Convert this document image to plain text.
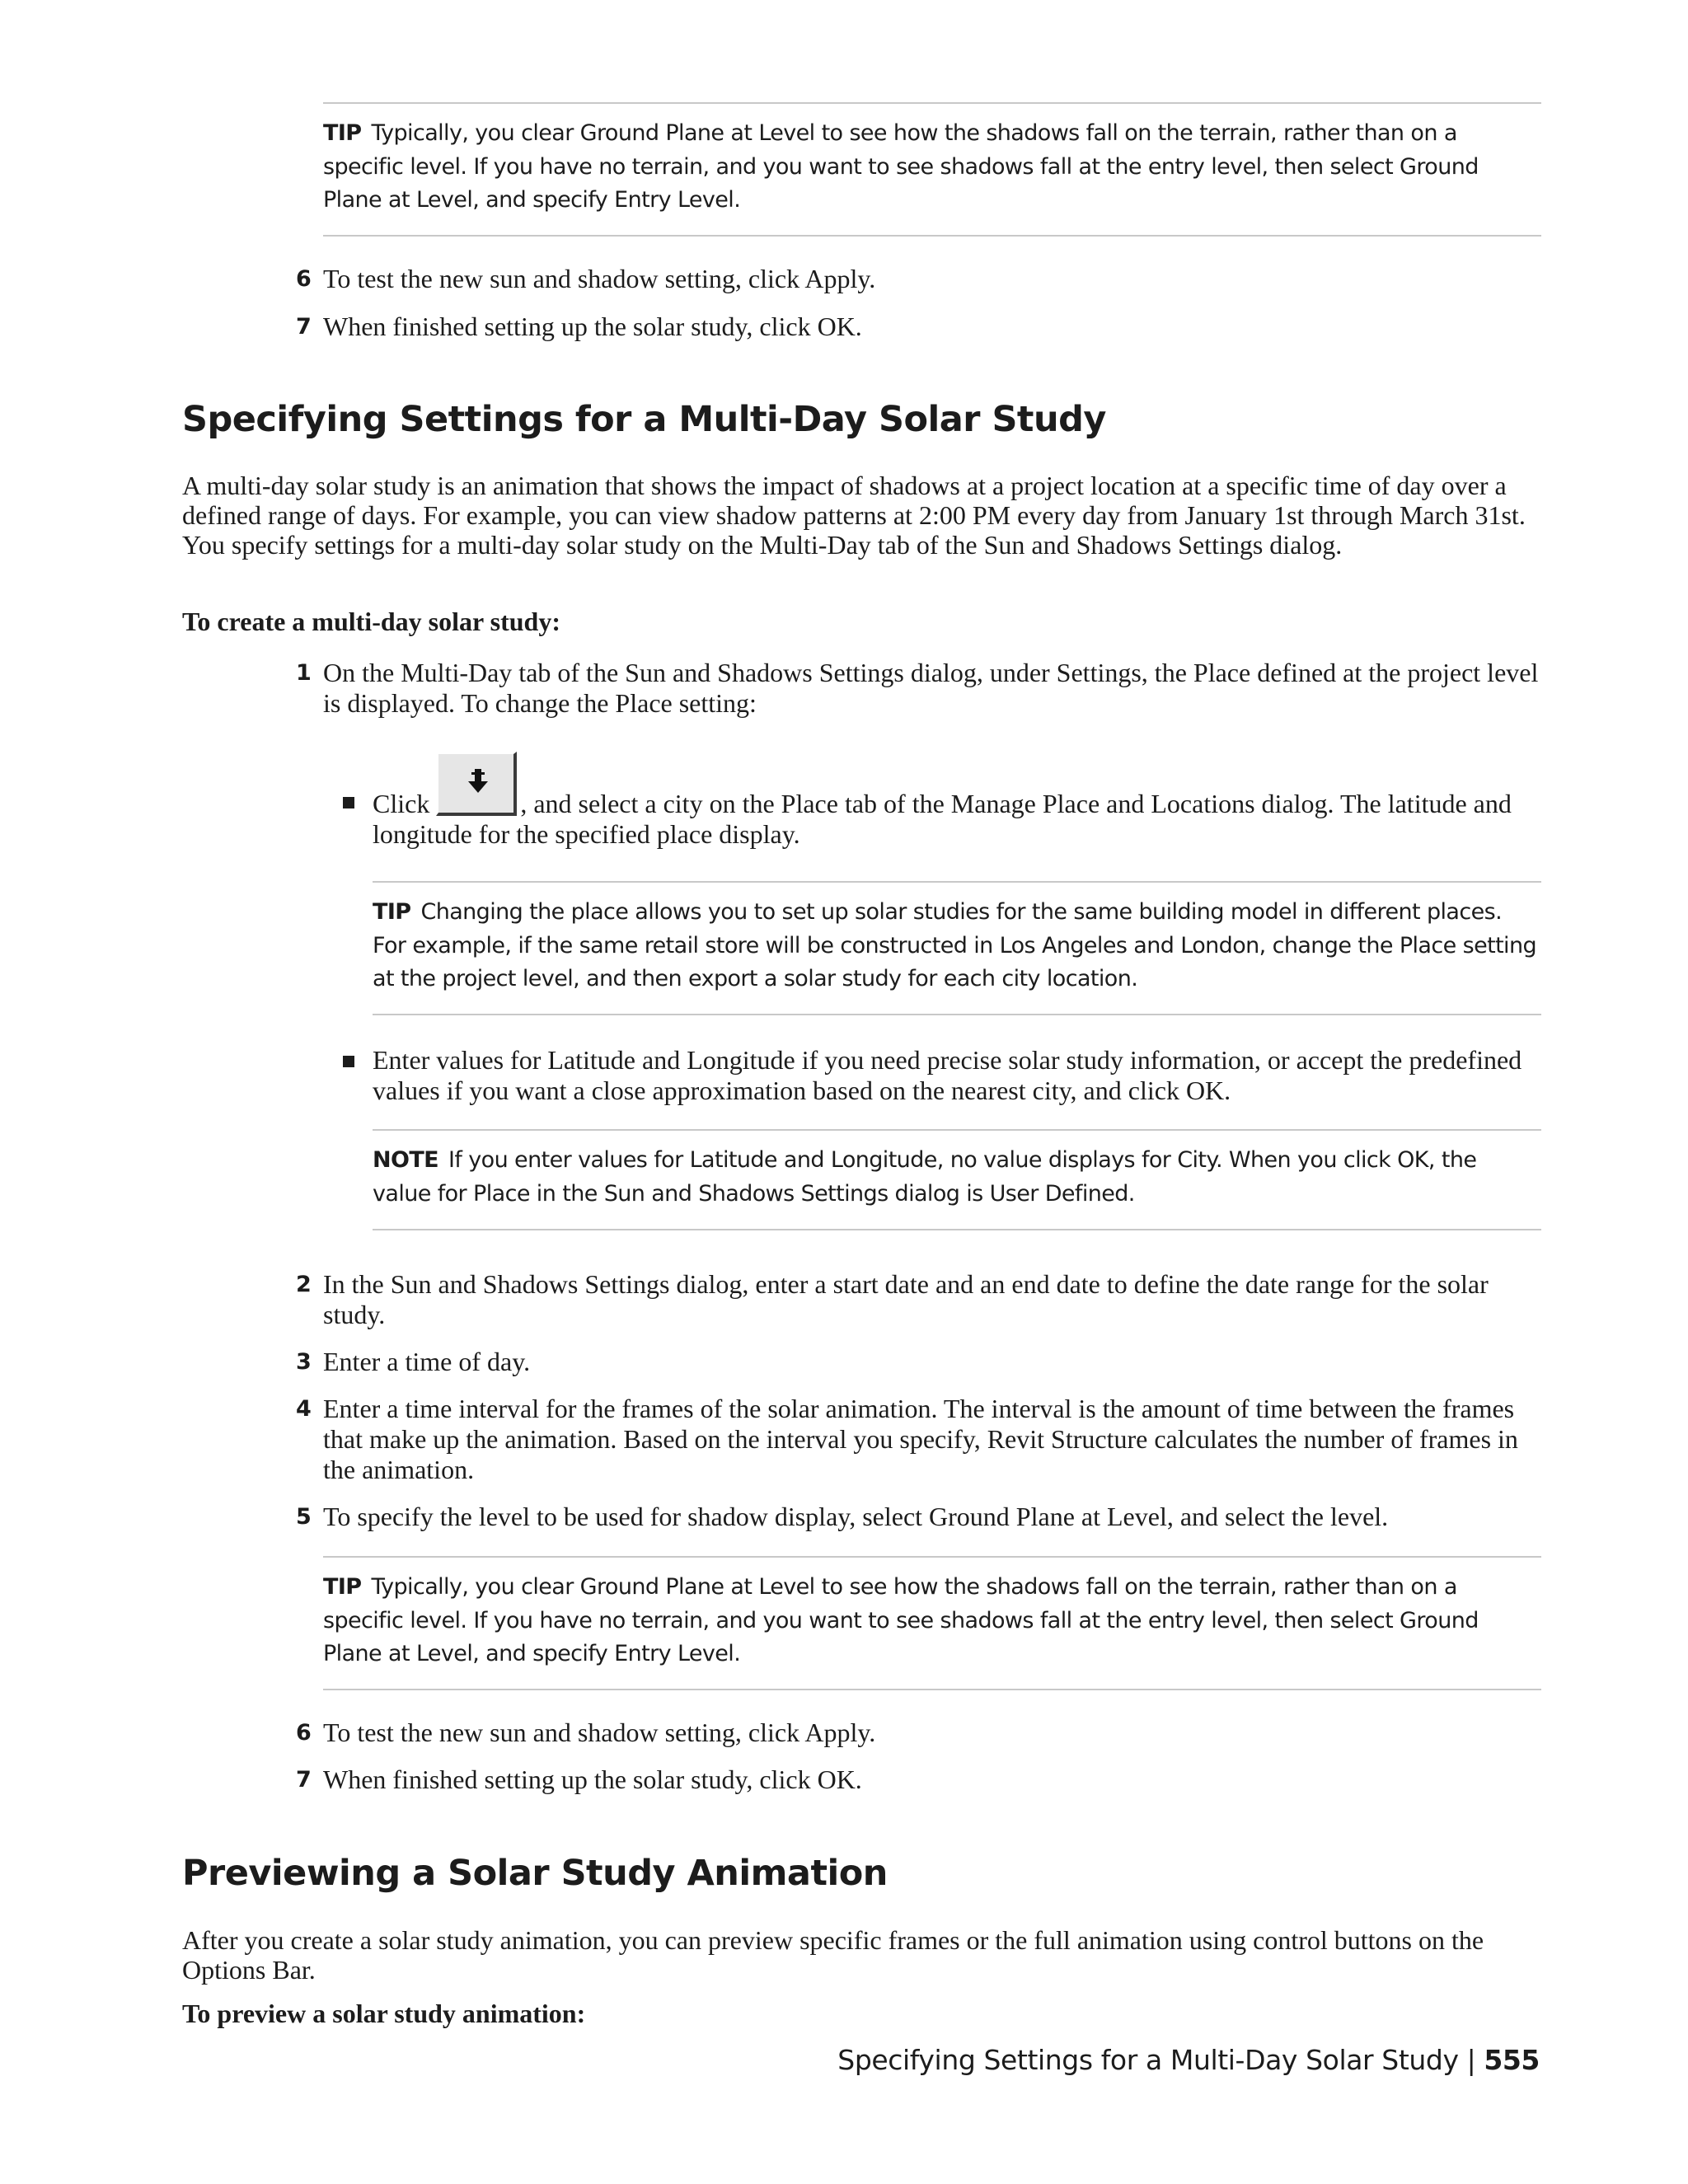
TIP Typically, you clear Ground Plane at Level to see how the shadows fall on the terrain, rather than on a specific level. If you have no terrain, and you want to see shadows fall at the entry level, then select Ground Plane at Level, and specify Entry Level.
6 To test the new sun and shadow setting, click Apply.
7 When finished setting up the solar study, click OK.
Specifying Settings for a Multi-Day Solar Study
A multi-day solar study is an animation that shows the impact of shadows at a project location at a specific time of day over a defined range of days. For example, you can view shadow patterns at 2:00 PM every day from January 1st through March 31st. You specify settings for a multi-day solar study on the Multi-Day tab of the Sun and Shadows Settings dialog.
To create a multi-day solar study:
1 On the Multi-Day tab of the Sun and Shadows Settings dialog, under Settings, the Place defined at the project level is displayed. To change the Place setting:
Click	, and select a city on the Place tab of the Manage Place and Locations dialog. The latitude and longitude for the specified place display.
TIP Changing the place allows you to set up solar studies for the same building model in different places. For example, if the same retail store will be constructed in Los Angeles and London, change the Place setting at the project level, and then export a solar study for each city location.
Enter values for Latitude and Longitude if you need precise solar study information, or accept the predefined values if you want a close approximation based on the nearest city, and click OK.
NOTE If you enter values for Latitude and Longitude, no value displays for City. When you click OK, the value for Place in the Sun and Shadows Settings dialog is User Defined.
2 In the Sun and Shadows Settings dialog, enter a start date and an end date to define the date range for the solar study.
3 Enter a time of day.
4 Enter a time interval for the frames of the solar animation. The interval is the amount of time between the frames that make up the animation. Based on the interval you specify, Revit Structure calculates the number of frames in the animation.
5 To specify the level to be used for shadow display, select Ground Plane at Level, and select the level.
TIP Typically, you clear Ground Plane at Level to see how the shadows fall on the terrain, rather than on a specific level. If you have no terrain, and you want to see shadows fall at the entry level, then select Ground Plane at Level, and specify Entry Level.
6 To test the new sun and shadow setting, click Apply.
7 When finished setting up the solar study, click OK.
Previewing a Solar Study Animation
After you create a solar study animation, you can preview specific frames or the full animation using control buttons on the Options Bar.
To preview a solar study animation:
Specifying Settings for a Multi-Day Solar Study | 555
